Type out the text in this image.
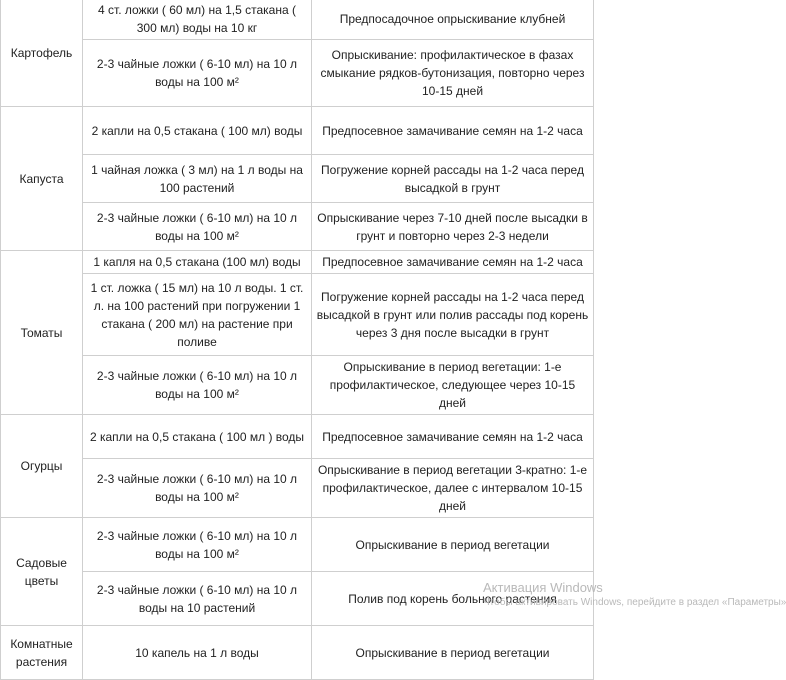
Картофель	4 ст. ложки ( 60 мл) на 1,5 стакана ( 300 мл) воды на 10 кг	Предпосадочное опрыскивание клубней
	2-3 чайные ложки ( 6-10 мл) на 10 л воды на 100 м²	Опрыскивание: профилактическое в фазах смыкание рядков-бутонизация, повторно через 10-15 дней
Капуста	2 капли на 0,5 стакана ( 100 мл) воды	Предпосевное замачивание семян на 1-2 часа
	1 чайная ложка ( 3 мл) на 1 л воды на 100 растений	Погружение корней рассады на 1-2 часа перед высадкой в грунт
	2-3 чайные ложки ( 6-10 мл) на 10 л воды на 100 м²	Опрыскивание через 7-10 дней после высадки в грунт и повторно через 2-3 недели
Томаты	1 капля на 0,5 стакана (100 мл) воды	Предпосевное замачивание семян на 1-2 часа
	1 ст. ложка ( 15 мл) на 10 л воды. 1 ст. л. на 100 растений при погружении 1 стакана ( 200 мл) на растение при поливе	Погружение корней рассады на 1-2 часа перед высадкой в грунт или полив рассады под корень через 3 дня после высадки в грунт
	2-3 чайные ложки ( 6-10 мл) на 10 л воды на 100 м²	Опрыскивание в период вегетации: 1-е профилактическое, следующее через 10-15 дней
Огурцы	2 капли на 0,5 стакана ( 100 мл ) воды	Предпосевное замачивание семян на 1-2 часа
	2-3 чайные ложки ( 6-10 мл) на 10 л воды на 100 м²	Опрыскивание в период вегетации 3-кратно: 1-е профилактическое, далее с интервалом 10-15 дней
Садовые цветы	2-3 чайные ложки ( 6-10 мл) на 10 л воды на 100 м²	Опрыскивание в период вегетации
	2-3 чайные ложки ( 6-10 мл) на 10 л воды на 10 растений	Полив под корень больного растения
Комнатные растения	10 капель на 1 л воды	Опрыскивание в период вегетации
Активация Windows
Чтобы активировать Windows, перейдите в раздел «Параметры»
